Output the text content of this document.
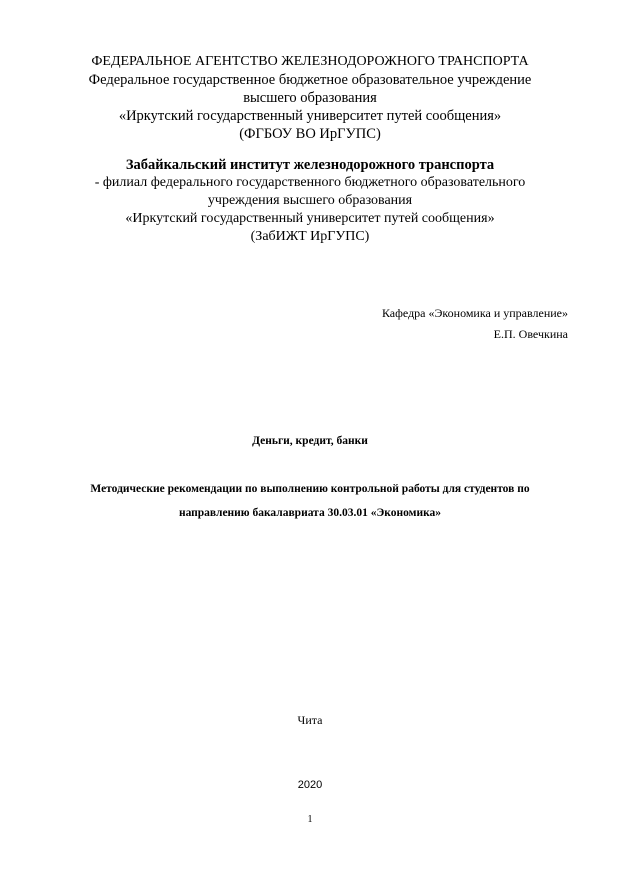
ФЕДЕРАЛЬНОЕ АГЕНТСТВО ЖЕЛЕЗНОДОРОЖНОГО ТРАНСПОРТА
Федеральное государственное бюджетное образовательное учреждение
высшего образования
«Иркутский государственный университет путей сообщения»
(ФГБОУ ВО ИрГУПС)
Забайкальский институт железнодорожного транспорта
- филиал федерального государственного бюджетного образовательного
учреждения высшего образования
«Иркутский государственный университет путей сообщения»
(ЗабИЖТ ИрГУПС)
Кафедра «Экономика и управление»
Е.П. Овечкина
Деньги, кредит, банки
Методические рекомендации по выполнению контрольной работы для студентов по
направлению бакалавриата 30.03.01 «Экономика»
Чита
2020
1
